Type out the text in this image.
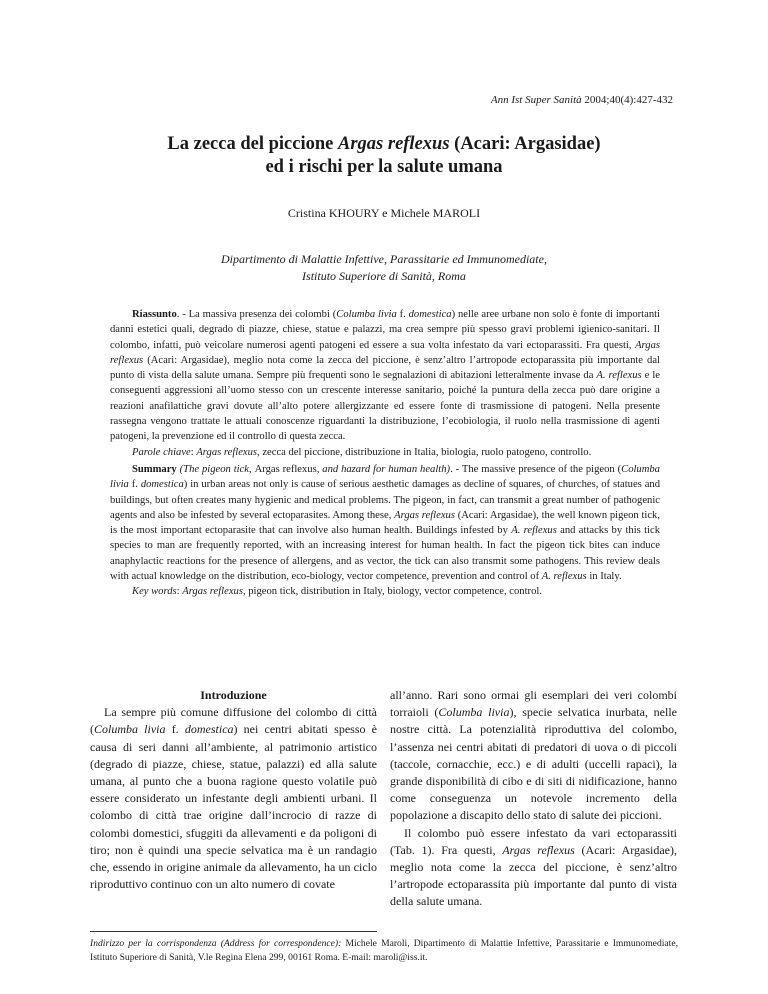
Ann Ist Super Sanità 2004;40(4):427-432
La zecca del piccione Argas reflexus (Acari: Argasidae)
ed i rischi per la salute umana
Cristina KHOURY e Michele MAROLI
Dipartimento di Malattie Infettive, Parassitarie ed Immunomediate,
Istituto Superiore di Sanità, Roma

Riassunto. - La massiva presenza dei colombi (Columba livia f. domestica) nelle aree urbane non solo è fonte di importanti danni estetici quali, degrado di piazze, chiese, statue e palazzi, ma crea sempre più spesso gravi problemi igienico-sanitari. Il colombo, infatti, può veicolare numerosi agenti patogeni ed essere a sua volta infestato da vari ectoparassiti. Fra questi, Argas reflexus (Acari: Argasidae), meglio nota come la zecca del piccione, è senz’altro l’artropode ectoparassita più importante dal punto di vista della salute umana. Sempre più frequenti sono le segnalazioni di abitazioni letteralmente invase da A. reflexus e le conseguenti aggressioni all’uomo stesso con un crescente interesse sanitario, poiché la puntura della zecca può dare origine a reazioni anafilattiche gravi dovute all’alto potere allergizzante ed essere fonte di trasmissione di patogeni. Nella presente rassegna vengono trattate le attuali conoscenze riguardanti la distribuzione, l’ecobiologia, il ruolo nella trasmissione di agenti patogeni, la prevenzione ed il controllo di questa zecca.

Parole chiave: Argas reflexus, zecca del piccione, distribuzione in Italia, biologia, ruolo patogeno, controllo.

Summary (The pigeon tick, Argas reflexus, and hazard for human health). - The massive presence of the pigeon (Columba livia f. domestica) in urban areas not only is cause of serious aesthetic damages as decline of squares, of churches, of statues and buildings, but often creates many hygienic and medical problems. The pigeon, in fact, can transmit a great number of pathogenic agents and also be infested by several ectoparasites. Among these, Argas reflexus (Acari: Argasidae), the well known pigeon tick, is the most important ectoparasite that can involve also human health. Buildings infested by A. reflexus and attacks by this tick species to man are frequently reported, with an increasing interest for human health. In fact the pigeon tick bites can induce anaphylactic reactions for the presence of allergens, and as vector, the tick can also transmit some pathogens. This review deals with actual knowledge on the distribution, eco-biology, vector competence, prevention and control of A. reflexus in Italy.

Key words: Argas reflexus, pigeon tick, distribution in Italy, biology, vector competence, control.

Introduzione

La sempre più comune diffusione del colombo di città (Columba livia f. domestica) nei centri abitati spesso è causa di seri danni all’ambiente, al patrimonio artistico (degrado di piazze, chiese, statue, palazzi) ed alla salute umana, al punto che a buona ragione questo volatile può essere considerato un infestante degli ambienti urbani. Il colombo di città trae origine dall’incrocio di razze di colombi domestici, sfuggiti da allevamenti e da poligoni di tiro; non è quindi una specie selvatica ma è un randagio che, essendo in origine animale da allevamento, ha un ciclo riproduttivo continuo con un alto numero di covate

all’anno. Rari sono ormai gli esemplari dei veri colombi torraioli (Columba livia), specie selvatica inurbata, nelle nostre città. La potenzialità riproduttiva del colombo, l’assenza nei centri abitati di predatori di uova o di piccoli (taccole, cornacchie, ecc.) e di adulti (uccelli rapaci), la grande disponibilità di cibo e di siti di nidificazione, hanno come conseguenza un notevole incremento della popolazione a discapito dello stato di salute dei piccioni.

Il colombo può essere infestato da vari ectoparassiti (Tab. 1). Fra questi, Argas reflexus (Acari: Argasidae), meglio nota come la zecca del piccione, è senz’altro l’artropode ectoparassita più importante dal punto di vista della salute umana.

Indirizzo per la corrispondenza (Address for correspondence): Michele Maroli, Dipartimento di Malattie Infettive, Parassitarie e Immunomediate, Istituto Superiore di Sanità, V.le Regina Elena 299, 00161 Roma. E-mail: maroli@iss.it.
